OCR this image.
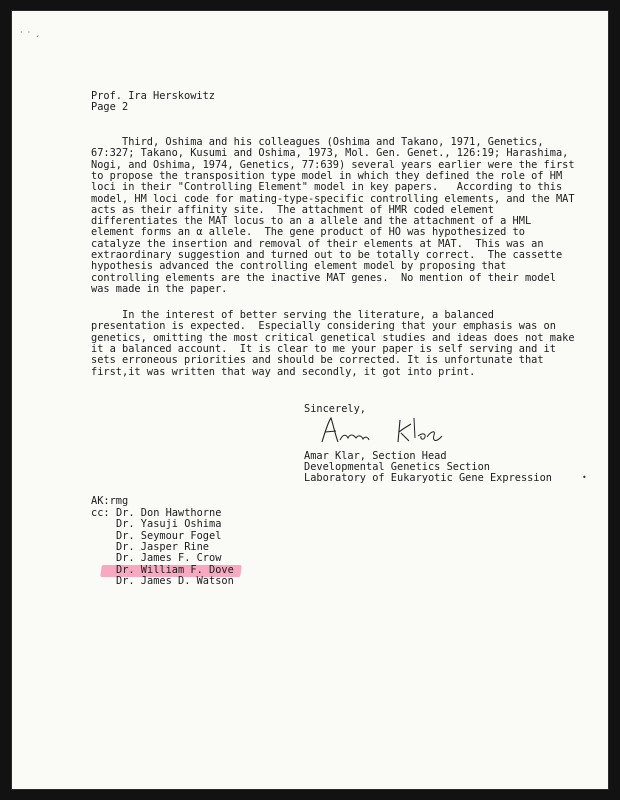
·  ·  ˏ

Prof. Ira Herskowitz

Page 2

Third, Oshima and his colleagues (Oshima and Takano, 1971, Genetics,

67:327; Takano, Kusumi and Oshima, 1973, Mol. Gen. Genet., 126:19; Harashima,

Nogi, and Oshima, 1974, Genetics, 77:639) several years earlier were the first

to propose the transposition type model in which they defined the role of HM

loci in their "Controlling Element" model in key papers.   According to this

model, HM loci code for mating-type-specific controlling elements, and the MAT

acts as their affinity site.  The attachment of HMR coded element

differentiates the MAT locus to an a allele and the attachment of a HML

element forms an α allele.  The gene product of HO was hypothesized to

catalyze the insertion and removal of their elements at MAT.  This was an

extraordinary suggestion and turned out to be totally correct.  The cassette

hypothesis advanced the controlling element model by proposing that

controlling elements are the inactive MAT genes.  No mention of their model

was made in the paper.

In the interest of better serving the literature, a balanced

presentation is expected.  Especially considering that your emphasis was on

genetics, omitting the most critical genetical studies and ideas does not make

it a balanced account.  It is clear to me your paper is self serving and it

sets erroneous priorities and should be corrected. It is unfortunate that

first,it was written that way and secondly, it got into print.

Sincerely,

Amar Klar, Section Head

Developmental Genetics Section

Laboratory of Eukaryotic Gene Expression	•

AK:rmg

cc: Dr. Don Hawthorne

Dr. Yasuji Oshima

Dr. Seymour Fogel

Dr. Jasper Rine

Dr. James F. Crow

Dr. William F. Dove

Dr. James D. Watson
